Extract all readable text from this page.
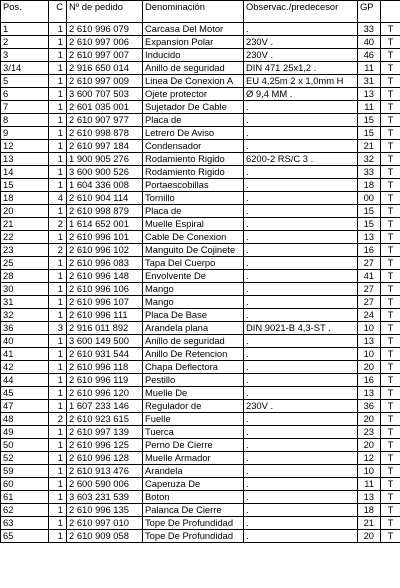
Pos.	C	Nº de pedido	Denominación	Observac./predecesor	GP	
1	1	2 610 996 079	Carcasa Del Motor	.	33	T
2	1	2 610 997 006	Expansion Polar	230V .	40	T
3	1	2 610 997 007	Inducido	230V .	46	T
3/14	1	2 916 650 014	Anillo de seguridad	DIN 471 25x1,2 .	11	T
5	1	2 610 997 009	Linea De Conexion A	EU 4,25m 2 x 1,0mm H	31	T
6	1	3 600 707 503	Ojete protector	Ø 9,4 MM .	13	T
7	1	2 601 035 001	Sujetador De Cable	.	11	T
8	1	2 610 907 977	Placa de	.	15	T
9	1	2 610 998 878	Letrero De Aviso	.	15	T
12	1	2 610 997 184	Condensador	.	21	T
13	1	1 900 905 276	Rodamiento Rigido	6200-2 RS/C 3 .	32	T
14	1	3 600 900 526	Rodamiento Rigido	.	33	T
15	1	1 604 336 008	Portaescobillas	.	18	T
18	4	2 610 904 114	Tornillo	.	00	T
20	1	2 610 998 879	Placa de	.	15	T
21	2	1 614 652 001	Muelle Espiral	.	15	T
22	1	2 610 996 101	Cable De Conexion	.	13	T
23	2	2 610 996 102	Manguito De Cojinete	.	16	T
25	1	2 610 996 083	Tapa Del Cuerpo	.	27	T
28	1	2 610 996 148	Envolvente De	.	41	T
30	1	2 610 996 106	Mango	.	27	T
31	1	2 610 996 107	Mango	.	27	T
32	1	2 610 996 111	Placa De Base	.	24	T
36	3	2 916 011 892	Arandela plana	DIN 9021-B 4,3-ST .	10	T
40	1	3 600 149 500	Anillo de seguridad	.	13	T
41	1	2 610 931 544	Anillo De Retencion	.	10	T
42	1	2 610 996 118	Chapa Deflectora	.	20	T
44	1	2 610 996 119	Pestillo	.	16	T
45	1	2 610 996 120	Muelle De	.	13	T
47	1	1 607 233 146	Regulador de	230V .	36	T
48	2	2 610 923 615	Fuelle	.	20	T
49	1	2 610 997 139	Tuerca	.	23	T
50	1	2 610 996 125	Perno De Cierre	.	20	T
52	1	2 610 996 128	Muelle Armador	.	12	T
59	1	2 610 913 476	Arandela	.	10	T
60	1	2 600 590 006	Caperuza De	.	11	T
61	1	3 603 231 539	Boton	.	13	T
62	1	2 610 996 135	Palanca De Cierre	.	18	T
63	1	2 610 997 010	Tope De Profundidad	.	21	T
65	1	2 610 909 058	Tope De Profundidad	.	20	T
